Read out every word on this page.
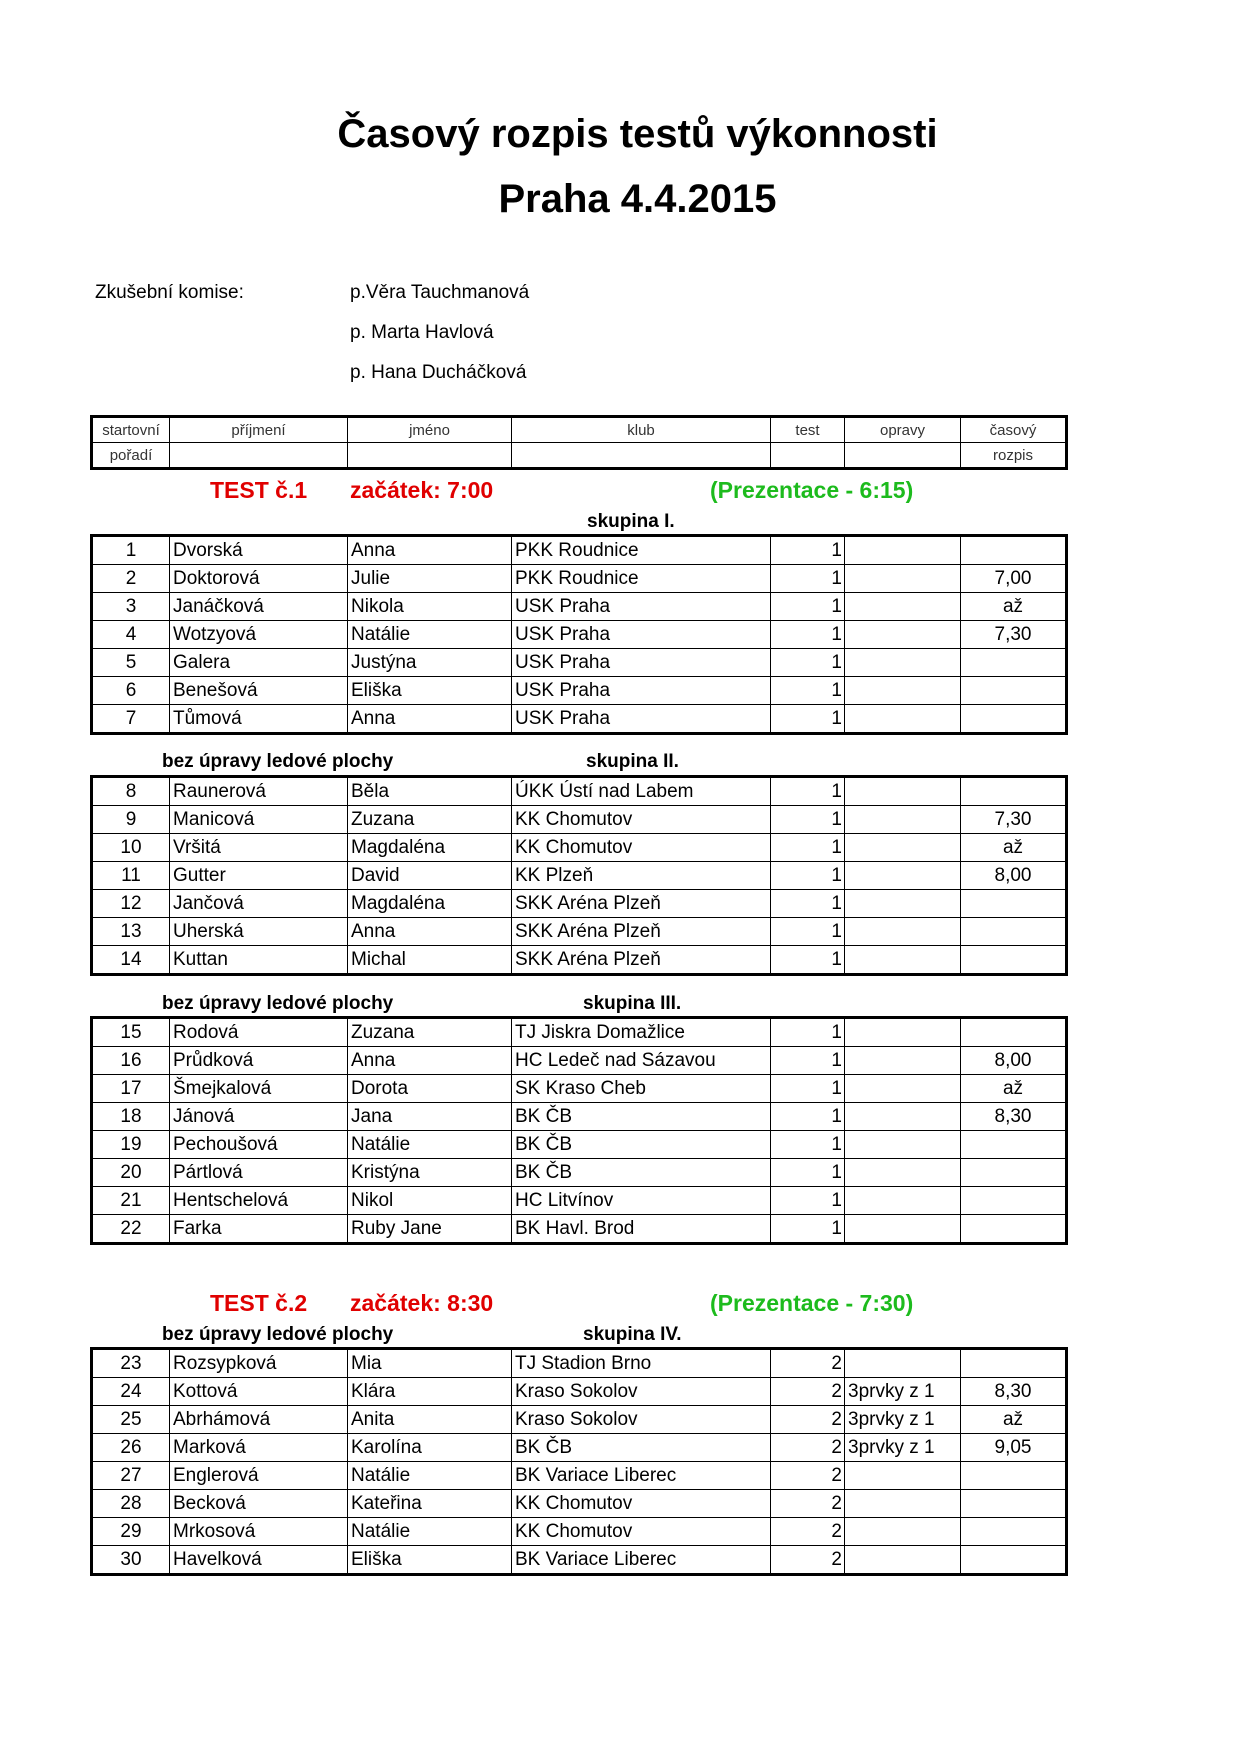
Časový rozpis testů výkonnosti
Praha 4.4.2015
Zkušební komise:	p.Věra Tauchmanová
p. Marta Havlová
p. Hana Ducháčková
startovní	příjmení	jméno	klub	test	opravy	časový
pořadí						rozpis
TEST č.1 začátek: 7:00	(Prezentace - 6:15)
skupina I.
1	Dvorská	Anna	PKK Roudnice	1		
2	Doktorová	Julie	PKK Roudnice	1		7,00
3	Janáčková	Nikola	USK Praha	1		až
4	Wotzyová	Natálie	USK Praha	1		7,30
5	Galera	Justýna	USK Praha	1		
6	Benešová	Eliška	USK Praha	1		
7	Tůmová	Anna	USK Praha	1		
bez úpravy ledové plochy	skupina II.
8	Raunerová	Běla	ÚKK Ústí nad Labem	1		
9	Manicová	Zuzana	KK Chomutov	1		7,30
10	Vršitá	Magdaléna	KK Chomutov	1		až
11	Gutter	David	KK Plzeň	1		8,00
12	Jančová	Magdaléna	SKK Aréna Plzeň	1		
13	Uherská	Anna	SKK Aréna Plzeň	1		
14	Kuttan	Michal	SKK Aréna Plzeň	1		
bez úpravy ledové plochy	skupina III.
15	Rodová	Zuzana	TJ Jiskra Domažlice	1		
16	Průdková	Anna	HC Ledeč nad Sázavou	1		8,00
17	Šmejkalová	Dorota	SK Kraso Cheb	1		až
18	Jánová	Jana	BK ČB	1		8,30
19	Pechoušová	Natálie	BK ČB	1		
20	Pártlová	Kristýna	BK ČB	1		
21	Hentschelová	Nikol	HC Litvínov	1		
22	Farka	Ruby Jane	BK Havl. Brod	1		
TEST č.2 začátek: 8:30	(Prezentace - 7:30)
bez úpravy ledové plochy	skupina IV.
23	Rozsypková	Mia	TJ Stadion Brno	2		
24	Kottová	Klára	Kraso Sokolov	2	3prvky z 1	8,30
25	Abrhámová	Anita	Kraso Sokolov	2	3prvky z 1	až
26	Marková	Karolína	BK ČB	2	3prvky z 1	9,05
27	Englerová	Natálie	BK Variace Liberec	2		
28	Becková	Kateřina	KK Chomutov	2		
29	Mrkosová	Natálie	KK Chomutov	2		
30	Havelková	Eliška	BK Variace Liberec	2		
